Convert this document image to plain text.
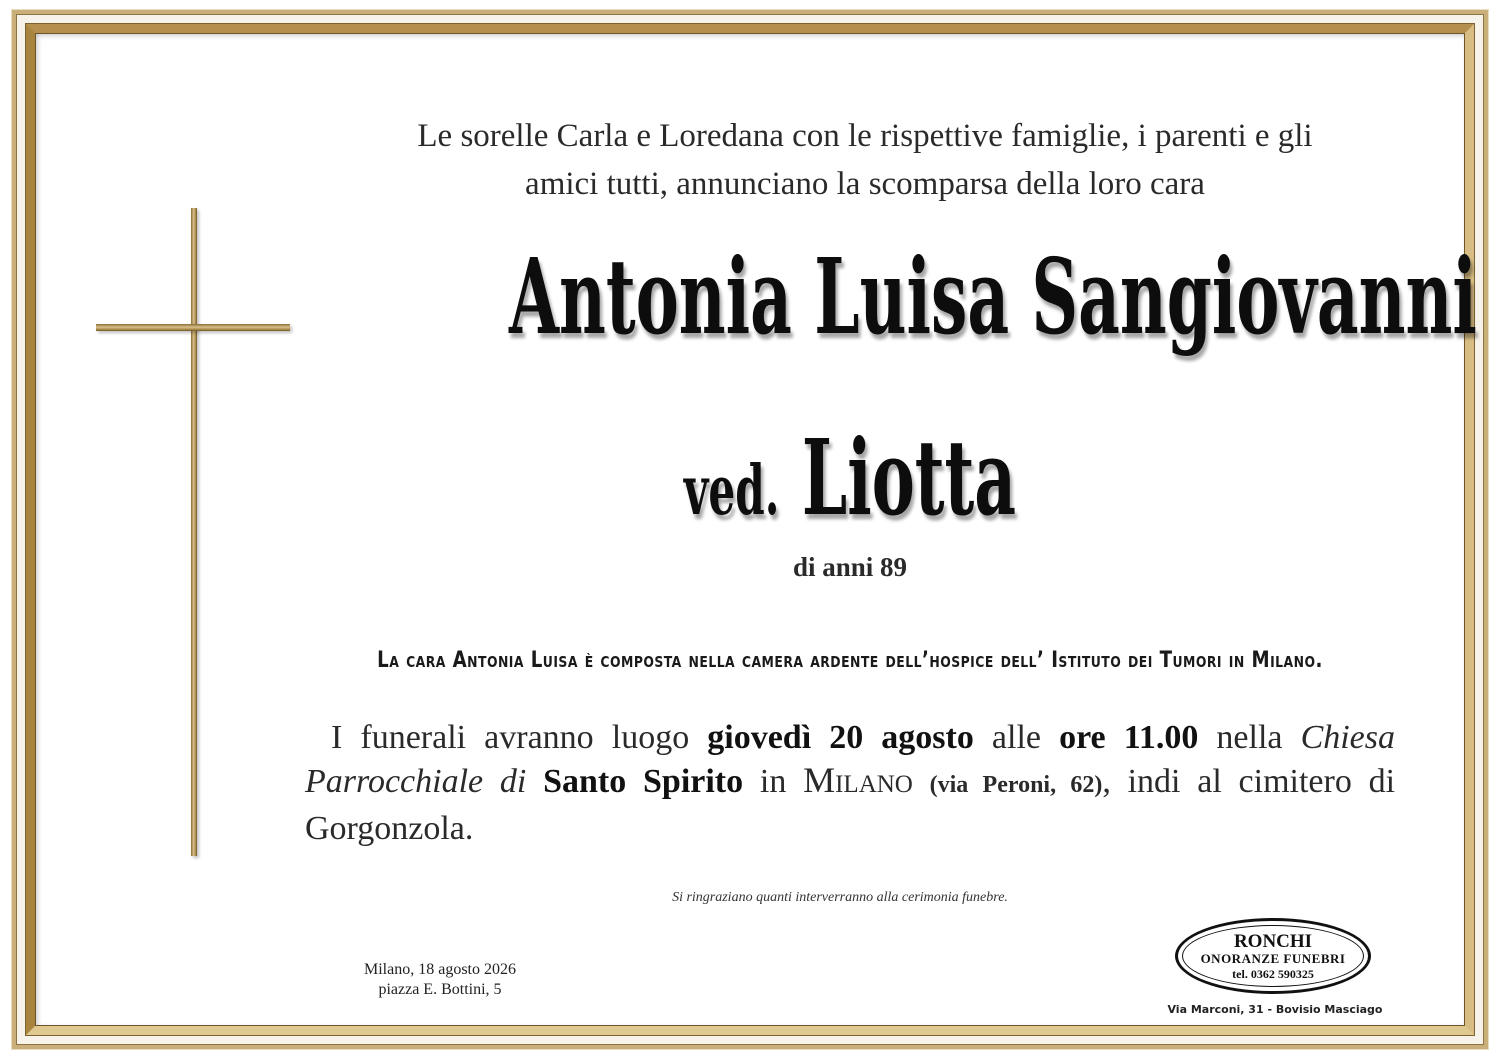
Le sorelle Carla e Loredana con le rispettive famiglie, i parenti e gli
amici tutti, annunciano la scomparsa della loro cara
Antonia Luisa Sangiovanni
ved. Liotta
di anni 89
La cara Antonia Luisa è composta nella camera ardente dell’hospice dell’ Istituto dei Tumori in Milano.
I funerali avranno luogo giovedì 20 agosto alle ore 11.00 nella Chiesa Parrocchiale di Santo Spirito in Milano (via Peroni, 62), indi al cimitero di Gorgonzola.
Si ringraziano quanti interverranno alla cerimonia funebre.
Milano, 18 agosto 2026
piazza E. Bottini, 5
RONCHI
ONORANZE FUNEBRI
tel. 0362 590325
Via Marconi, 31 - Bovisio Masciago
